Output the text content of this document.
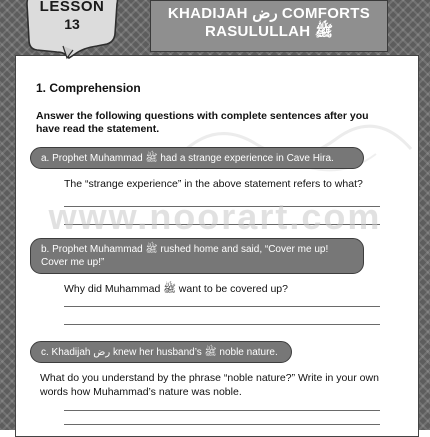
LESSON
13
KHADIJAH رض COMFORTS
RASULULLAH ﷺ
1. Comprehension

Answer the following questions with complete sentences after you have read the statement.

a. Prophet Muhammad ﷺ had a strange experience in Cave Hira.

The “strange experience” in the above statement refers to what?

b. Prophet Muhammad ﷺ rushed home and said, “Cover me up! Cover me up!”

Why did Muhammad ﷺ want to be covered up?

c. Khadijah رض knew her husband’s ﷺ noble nature.

What do you understand by the phrase “noble nature?” Write in your own words how Muhammad’s nature was noble.

www.noorart.com
